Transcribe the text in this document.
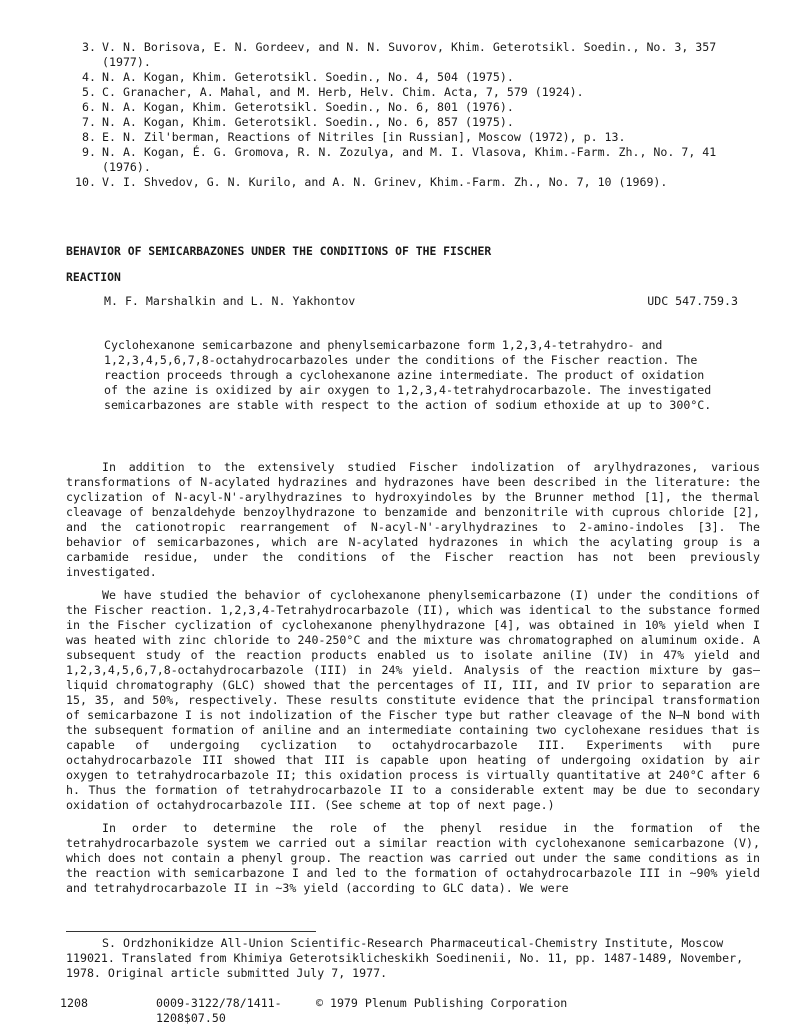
3. V. N. Borisova, E. N. Gordeev, and N. N. Suvorov, Khim. Geterotsikl. Soedin., No. 3, 357 (1977).
4. N. A. Kogan, Khim. Geterotsikl. Soedin., No. 4, 504 (1975).
5. C. Granacher, A. Mahal, and M. Herb, Helv. Chim. Acta, 7, 579 (1924).
6. N. A. Kogan, Khim. Geterotsikl. Soedin., No. 6, 801 (1976).
7. N. A. Kogan, Khim. Geterotsikl. Soedin., No. 6, 857 (1975).
8. E. N. Zil'berman, Reactions of Nitriles [in Russian], Moscow (1972), p. 13.
9. N. A. Kogan, É. G. Gromova, R. N. Zozulya, and M. I. Vlasova, Khim.-Farm. Zh., No. 7, 41 (1976).
10. V. I. Shvedov, G. N. Kurilo, and A. N. Grinev, Khim.-Farm. Zh., No. 7, 10 (1969).
BEHAVIOR OF SEMICARBAZONES UNDER THE CONDITIONS OF THE FISCHER
REACTION
M. F. Marshalkin and L. N. Yakhontov	UDC 547.759.3
Cyclohexanone semicarbazone and phenylsemicarbazone form 1,2,3,4-tetrahydro- and 1,2,3,4,5,6,7,8-octahydrocarbazoles under the conditions of the Fischer reaction. The reaction proceeds through a cyclohexanone azine intermediate. The product of oxidation of the azine is oxidized by air oxygen to 1,2,3,4-tetrahydrocarbazole. The investigated semicarbazones are stable with respect to the action of sodium ethoxide at up to 300°C.

In addition to the extensively studied Fischer indolization of arylhydrazones, various transformations of N-acylated hydrazines and hydrazones have been described in the literature: the cyclization of N-acyl-N'-arylhydrazines to hydroxyindoles by the Brunner method [1], the thermal cleavage of benzaldehyde benzoylhydrazone to benzamide and benzonitrile with cuprous chloride [2], and the cationotropic rearrangement of N-acyl-N'-arylhydrazines to 2-amino-indoles [3]. The behavior of semicarbazones, which are N-acylated hydrazones in which the acylating group is a carbamide residue, under the conditions of the Fischer reaction has not been previously investigated.

We have studied the behavior of cyclohexanone phenylsemicarbazone (I) under the conditions of the Fischer reaction. 1,2,3,4-Tetrahydrocarbazole (II), which was identical to the substance formed in the Fischer cyclization of cyclohexanone phenylhydrazone [4], was obtained in 10% yield when I was heated with zinc chloride to 240-250°C and the mixture was chromatographed on aluminum oxide. A subsequent study of the reaction products enabled us to isolate aniline (IV) in 47% yield and 1,2,3,4,5,6,7,8-octahydrocarbazole (III) in 24% yield. Analysis of the reaction mixture by gas—liquid chromatography (GLC) showed that the percentages of II, III, and IV prior to separation are 15, 35, and 50%, respectively. These results constitute evidence that the principal transformation of semicarbazone I is not indolization of the Fischer type but rather cleavage of the N—N bond with the subsequent formation of aniline and an intermediate containing two cyclohexane residues that is capable of undergoing cyclization to octahydrocarbazole III. Experiments with pure octahydrocarbazole III showed that III is capable upon heating of undergoing oxidation by air oxygen to tetrahydrocarbazole II; this oxidation process is virtually quantitative at 240°C after 6 h. Thus the formation of tetrahydrocarbazole II to a considerable extent may be due to secondary oxidation of octahydrocarbazole III. (See scheme at top of next page.)

In order to determine the role of the phenyl residue in the formation of the tetrahydrocarbazole system we carried out a similar reaction with cyclohexanone semicarbazone (V), which does not contain a phenyl group. The reaction was carried out under the same conditions as in the reaction with semicarbazone I and led to the formation of octahydrocarbazole III in ~90% yield and tetrahydrocarbazole II in ~3% yield (according to GLC data). We were

S. Ordzhonikidze All-Union Scientific-Research Pharmaceutical-Chemistry Institute, Moscow 119021. Translated from Khimiya Geterotsiklicheskikh Soedinenii, No. 11, pp. 1487-1489, November, 1978. Original article submitted July 7, 1977.
1208	0009-3122/78/1411-1208$07.50
© 1979 Plenum Publishing Corporation
